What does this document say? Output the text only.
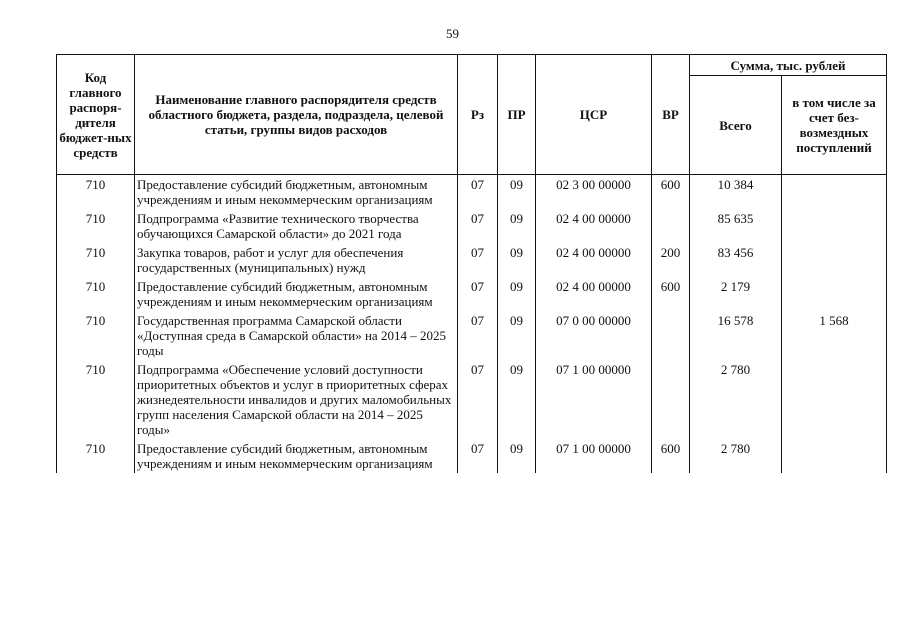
59
Код главного распоря-дителя бюджет-ных средств	Наименование главного распорядителя средств областного бюджета, раздела, подраздела, целевой статьи, группы видов расходов	Рз	ПР	ЦСР	ВР	Сумма, тыс. рублей	
						Всего	в том числе за счет без-возмездных поступлений
710	Предоставление субсидий бюджетным, автономным учреждениям и иным некоммерческим организациям	07	09	02 3 00 00000	600	10 384	
710	Подпрограмма «Развитие технического творчества обучающихся Самарской области» до 2021 года	07	09	02 4 00 00000		85 635	
710	Закупка товаров, работ и услуг для обеспечения государственных (муниципальных) нужд	07	09	02 4 00 00000	200	83 456	
710	Предоставление субсидий бюджетным, автономным учреждениям и иным некоммерческим организациям	07	09	02 4 00 00000	600	2 179	
710	Государственная программа Самарской области «Доступная среда в Самарской области» на 2014 – 2025 годы	07	09	07 0 00 00000		16 578	1 568
710	Подпрограмма «Обеспечение условий доступности приоритетных объектов и услуг в приоритетных сферах жизнедеятельности инвалидов и других маломобильных групп населения Самарской области на 2014 – 2025 годы»	07	09	07 1 00 00000		2 780	
710	Предоставление субсидий бюджетным, автономным учреждениям и иным некоммерческим организациям	07	09	07 1 00 00000	600	2 780	
